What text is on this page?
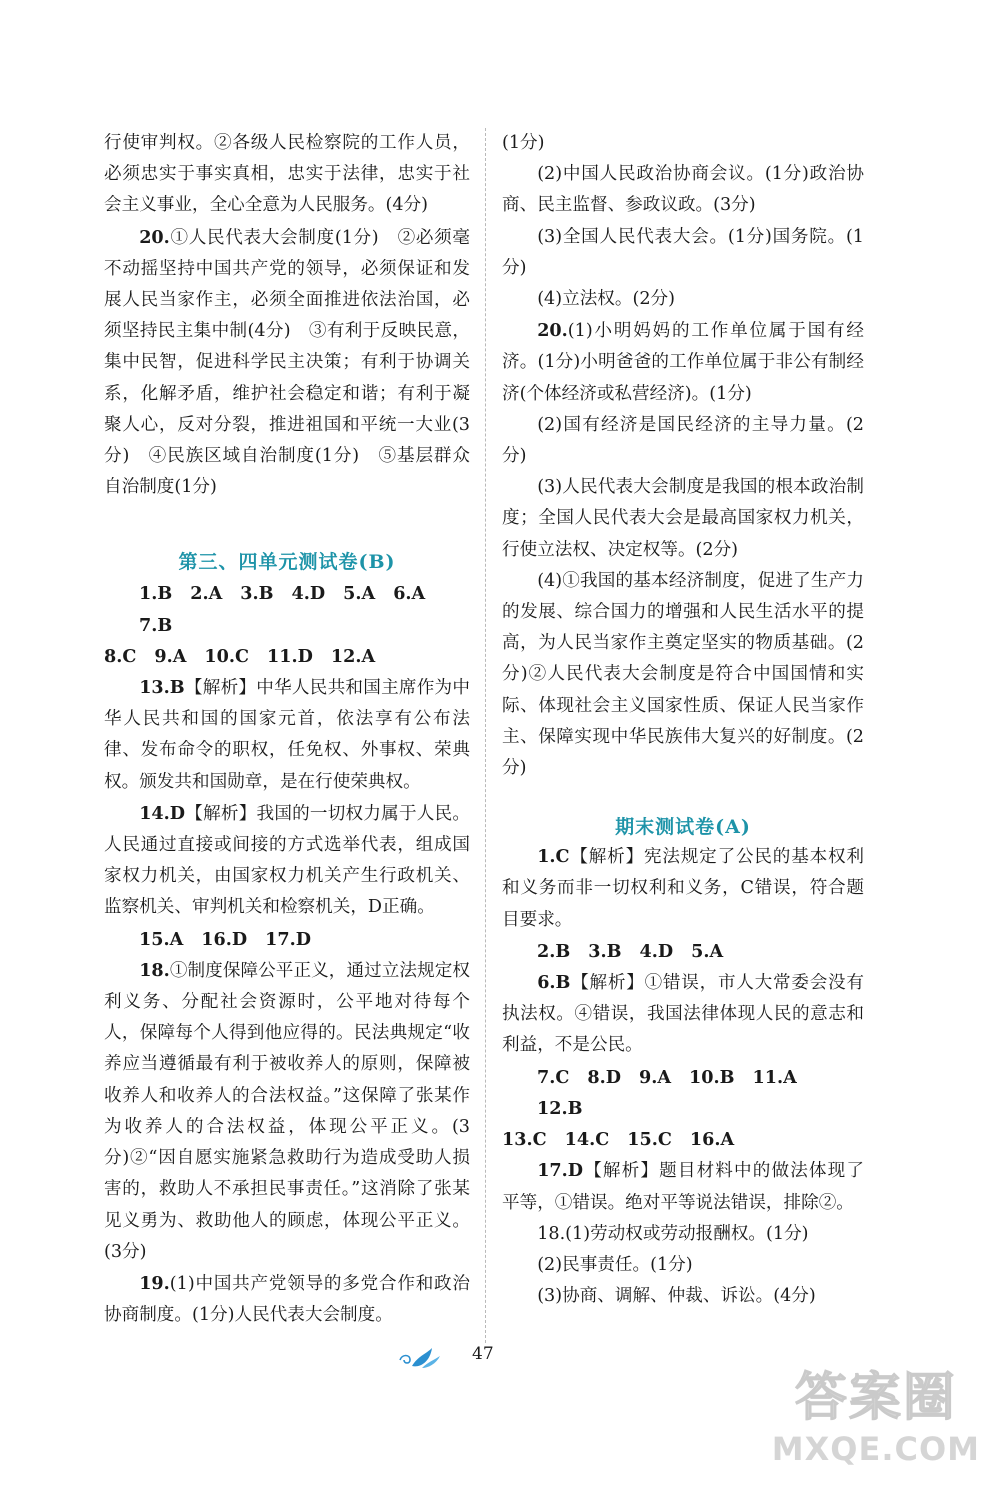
行使审判权。②各级人民检察院的工作人员，必须忠实于事实真相，忠实于法律，忠实于社会主义事业，全心全意为人民服务。(4分)

20.①人民代表大会制度(1分)　②必须毫不动摇坚持中国共产党的领导，必须保证和发展人民当家作主，必须全面推进依法治国，必须坚持民主集中制(4分)　③有利于反映民意，集中民智，促进科学民主决策；有利于协调关系，化解矛盾，维护社会稳定和谐；有利于凝聚人心，反对分裂，推进祖国和平统一大业(3分)　④民族区域自治制度(1分)　⑤基层群众自治制度(1分)

第三、四单元测试卷(B)

1.B 2.A 3.B 4.D 5.A 6.A
7.B
8.C 9.A 10.C 11.D 12.A

13.B【解析】中华人民共和国主席作为中华人民共和国的国家元首，依法享有公布法律、发布命令的职权，任免权、外事权、荣典权。颁发共和国勋章，是在行使荣典权。

14.D【解析】我国的一切权力属于人民。人民通过直接或间接的方式选举代表，组成国家权力机关，由国家权力机关产生行政机关、监察机关、审判机关和检察机关，D正确。

15.A 16.D 17.D

18.①制度保障公平正义，通过立法规定权利义务、分配社会资源时，公平地对待每个人，保障每个人得到他应得的。民法典规定“收养应当遵循最有利于被收养人的原则，保障被收养人和收养人的合法权益。”这保障了张某作为收养人的合法权益，体现公平正义。(3分)②“因自愿实施紧急救助行为造成受助人损害的，救助人不承担民事责任。”这消除了张某见义勇为、救助他人的顾虑，体现公平正义。(3分)

19.(1)中国共产党领导的多党合作和政治协商制度。(1分)人民代表大会制度。

(1分)

(2)中国人民政治协商会议。(1分)政治协商、民主监督、参政议政。(3分)

(3)全国人民代表大会。(1分)国务院。(1分)

(4)立法权。(2分)

20.(1)小明妈妈的工作单位属于国有经济。(1分)小明爸爸的工作单位属于非公有制经济(个体经济或私营经济)。(1分)

(2)国有经济是国民经济的主导力量。(2分)

(3)人民代表大会制度是我国的根本政治制度；全国人民代表大会是最高国家权力机关，行使立法权、决定权等。(2分)

(4)①我国的基本经济制度，促进了生产力的发展、综合国力的增强和人民生活水平的提高，为人民当家作主奠定坚实的物质基础。(2分)②人民代表大会制度是符合中国国情和实际、体现社会主义国家性质、保证人民当家作主、保障实现中华民族伟大复兴的好制度。(2分)

期末测试卷(A)

1.C【解析】宪法规定了公民的基本权利和义务而非一切权利和义务，C错误，符合题目要求。

2.B 3.B 4.D 5.A

6.B【解析】①错误，市人大常委会没有执法权。④错误，我国法律体现人民的意志和利益，不是公民。

7.C 8.D 9.A 10.B 11.A
12.B
13.C 14.C 15.C 16.A

17.D【解析】题目材料中的做法体现了平等，①错误。绝对平等说法错误，排除②。

18.(1)劳动权或劳动报酬权。(1分)

(2)民事责任。(1分)

(3)协商、调解、仲裁、诉讼。(4分)

47
答案圈
MXQE.COM
